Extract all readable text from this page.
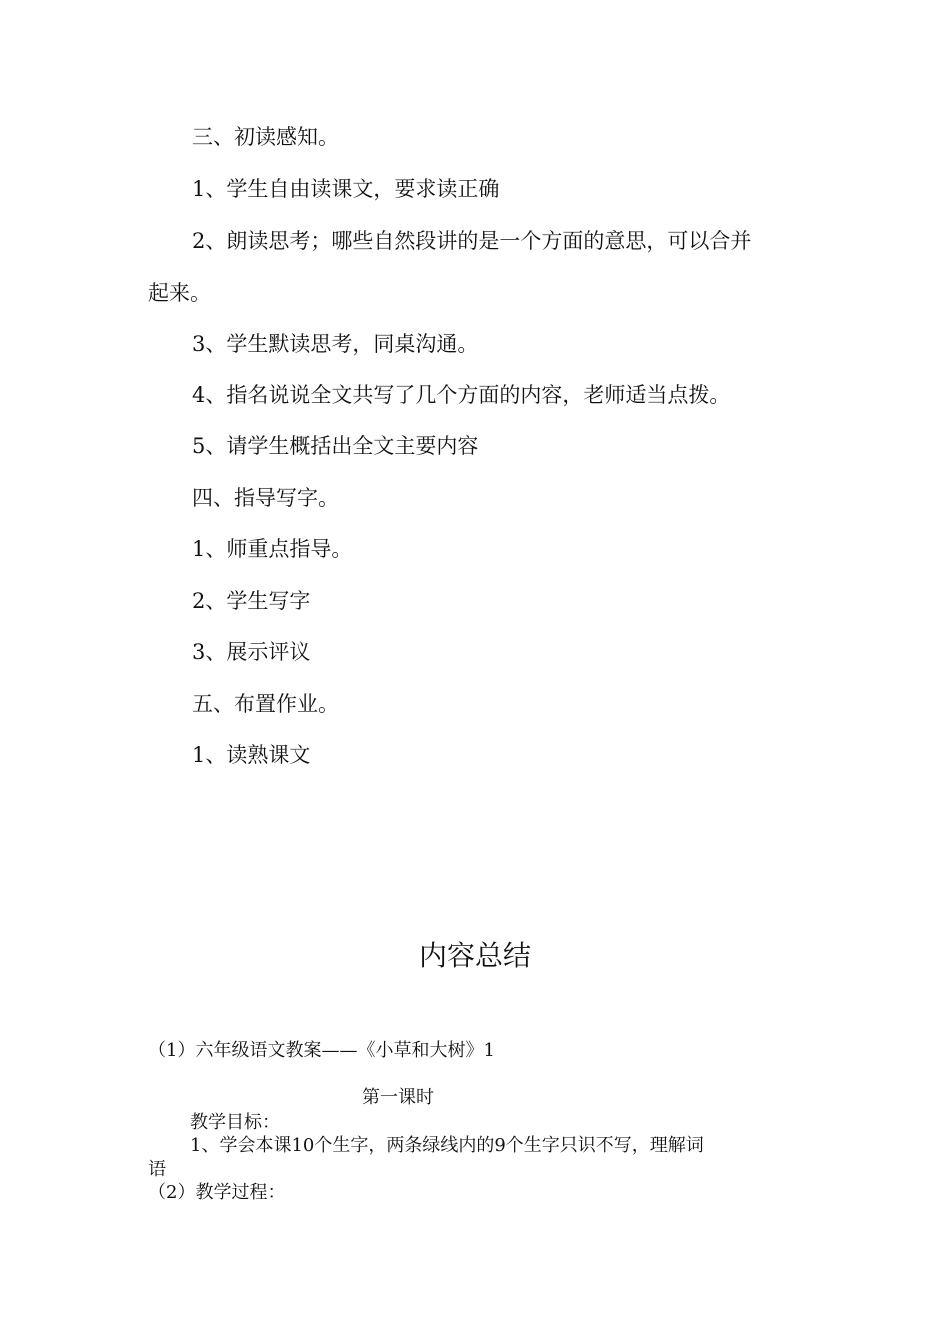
三、初读感知。
1、学生自由读课文，要求读正确
2、朗读思考；哪些自然段讲的是一个方面的意思，可以合并
起来。
3、学生默读思考，同桌沟通。
4、指名说说全文共写了几个方面的内容，老师适当点拨。
5、请学生概括出全文主要内容
四、指导写字。
1、师重点指导。
2、学生写字
3、展示评议
五、布置作业。
1、读熟课文
内容总结
（1）六年级语文教案——《小草和大树》1
第一课时
教学目标：
1、学会本课10个生字，两条绿线内的9个生字只识不写，理解词
语
（2）教学过程：
